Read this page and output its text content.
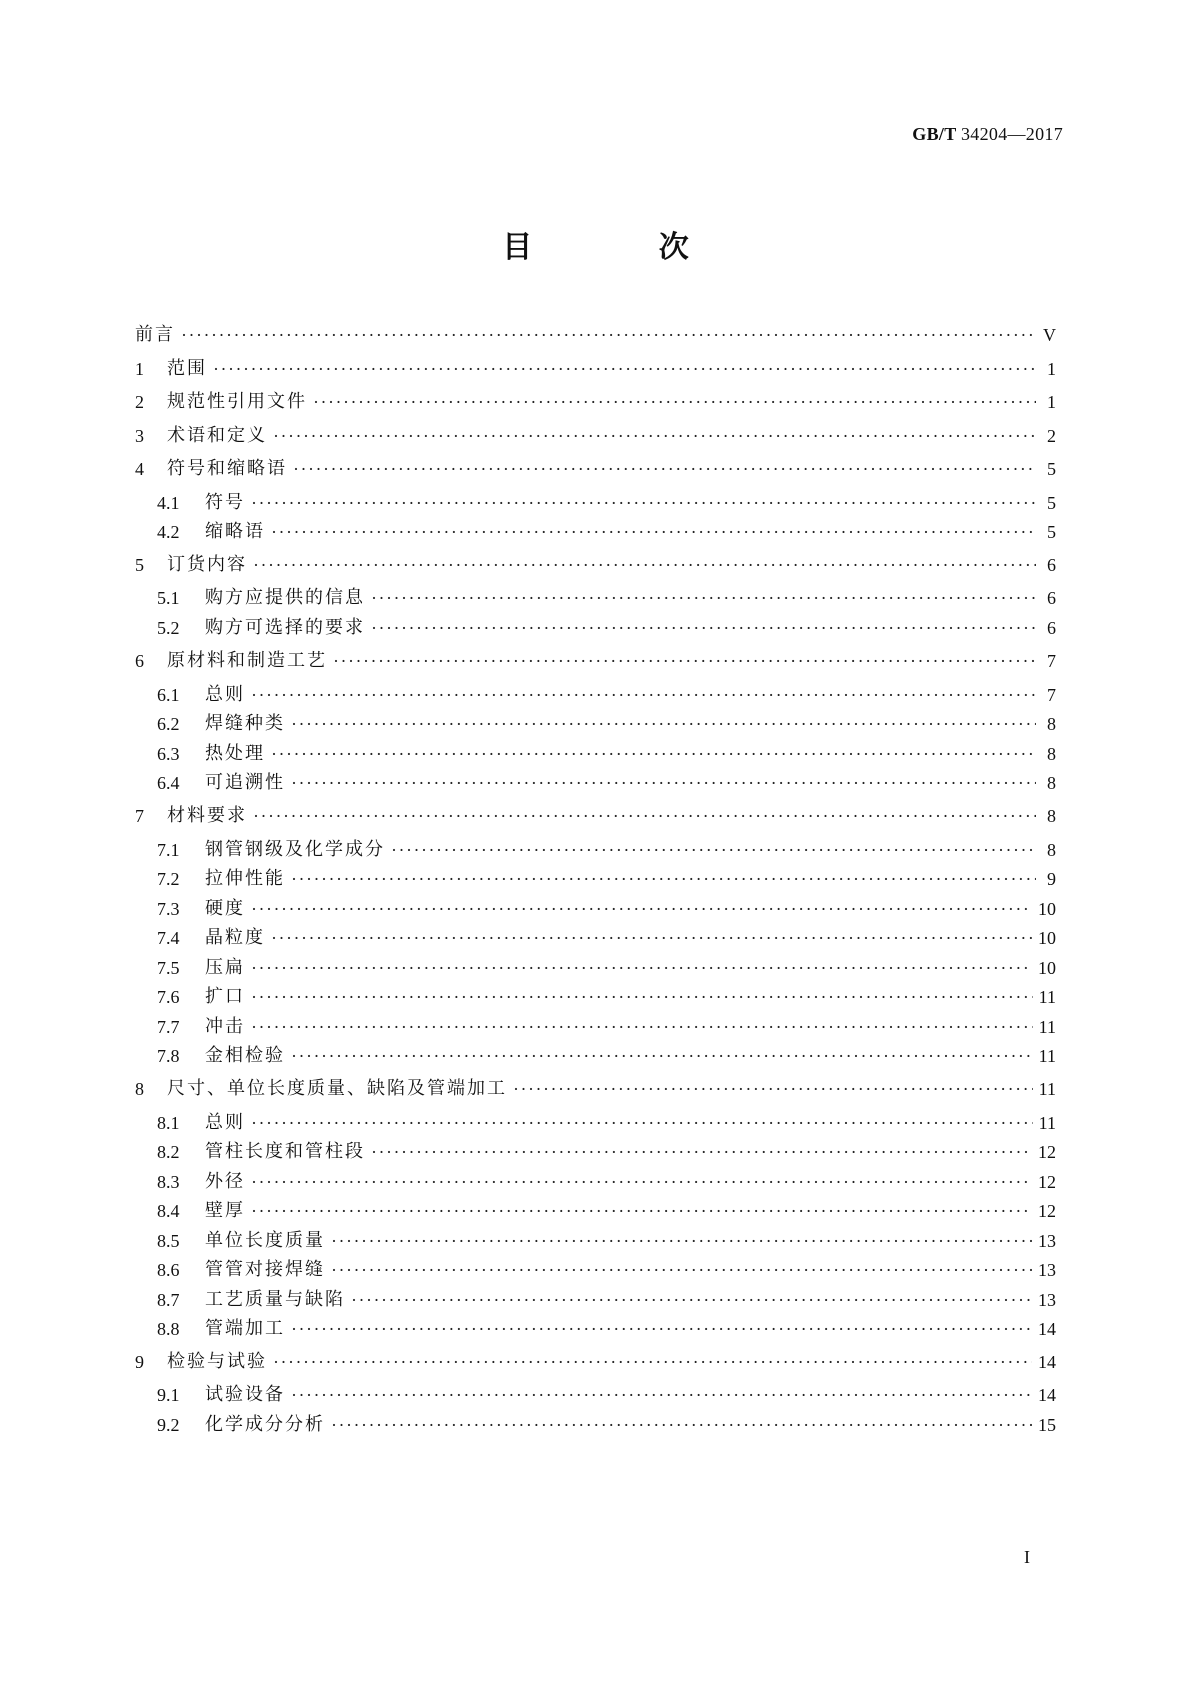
GB/T 34204—2017
目 次
前言 ·····	V
1	范围 ·····	1
2	规范性引用文件 ·····	1
3	术语和定义 ·····	2
4	符号和缩略语 ·····	5
4.1	符号 ·····	5
4.2	缩略语 ·····	5
5	订货内容 ·····	6
5.1	购方应提供的信息 ·····	6
5.2	购方可选择的要求 ·····	6
6	原材料和制造工艺 ·····	7
6.1	总则 ·····	7
6.2	焊缝种类 ·····	8
6.3	热处理 ·····	8
6.4	可追溯性 ·····	8
7	材料要求 ·····	8
7.1	钢管钢级及化学成分 ·····	8
7.2	拉伸性能 ·····	9
7.3	硬度 ·····	10
7.4	晶粒度 ·····	10
7.5	压扁 ·····	10
7.6	扩口 ·····	11
7.7	冲击 ·····	11
7.8	金相检验 ·····	11
8	尺寸、单位长度质量、缺陷及管端加工 ·····	11
8.1	总则 ·····	11
8.2	管柱长度和管柱段 ·····	12
8.3	外径 ·····	12
8.4	壁厚 ·····	12
8.5	单位长度质量 ·····	13
8.6	管管对接焊缝 ·····	13
8.7	工艺质量与缺陷 ·····	13
8.8	管端加工 ·····	14
9	检验与试验 ·····	14
9.1	试验设备 ·····	14
9.2	化学成分分析 ·····	15
I
